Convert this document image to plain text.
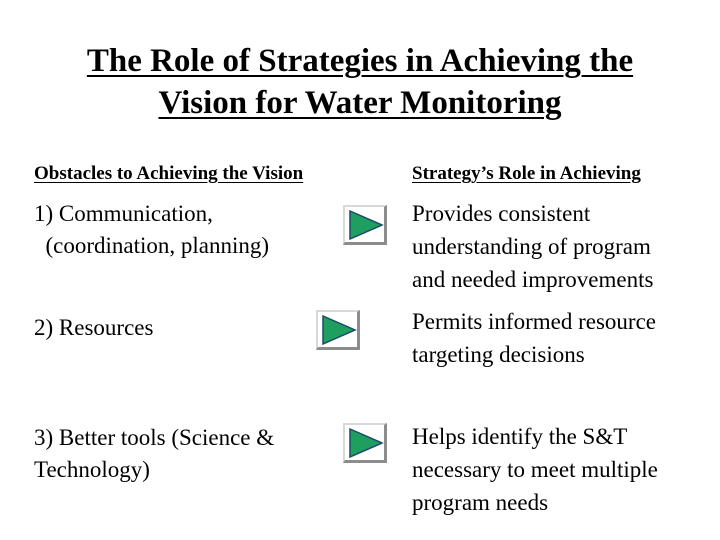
The Role of Strategies in Achieving the
Vision for Water Monitoring
Obstacles to Achieving the Vision	Strategy’s Role in Achieving
1) Communication,
(coordination, planning)
Provides consistent
understanding of program
and needed improvements
2) Resources	Permits informed resource
targeting decisions
3) Better tools (Science &
Technology)
Helps identify the S&T
necessary to meet multiple
program needs
